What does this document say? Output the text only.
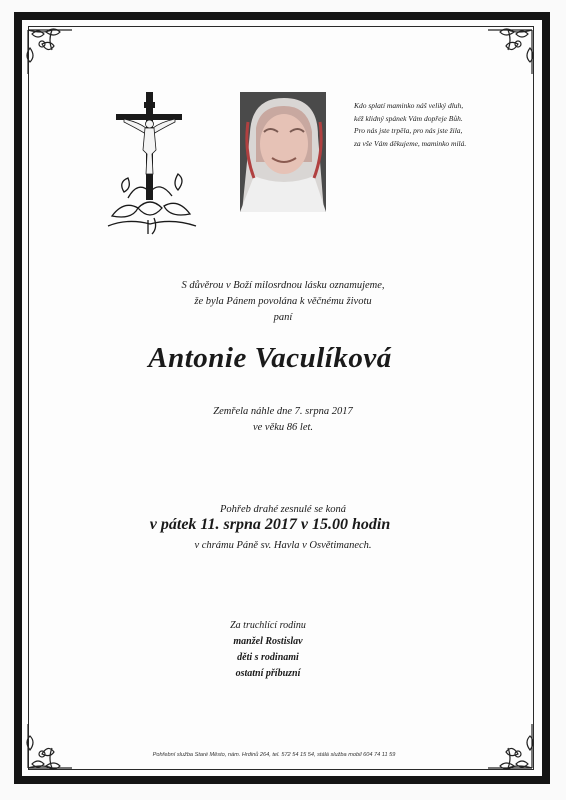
Kdo splatí maminko náš veliký dluh,
kéž klidný spánek Vám dopřeje Bůh.
Pro nás jste trpěla, pro nás jste žila,
za vše Vám děkujeme, maminko milá.
S důvěrou v Boží milosrdnou lásku oznamujeme,
že byla Pánem povolána k věčnému životu
paní
Antonie Vaculíková
Zemřela náhle dne 7. srpna 2017
ve věku 86 let.
Pohřeb drahé zesnulé se koná
v pátek 11. srpna 2017 v 15.00 hodin
v chrámu Páně sv. Havla v Osvětimanech.
Za truchlící rodinu
manžel Rostislav
děti s rodinami
ostatní příbuzní
Pohřební služba Staré Město, nám. Hrdinů 264, tel. 572 54 15 54, stálá služba mobil 604 74 11 59
